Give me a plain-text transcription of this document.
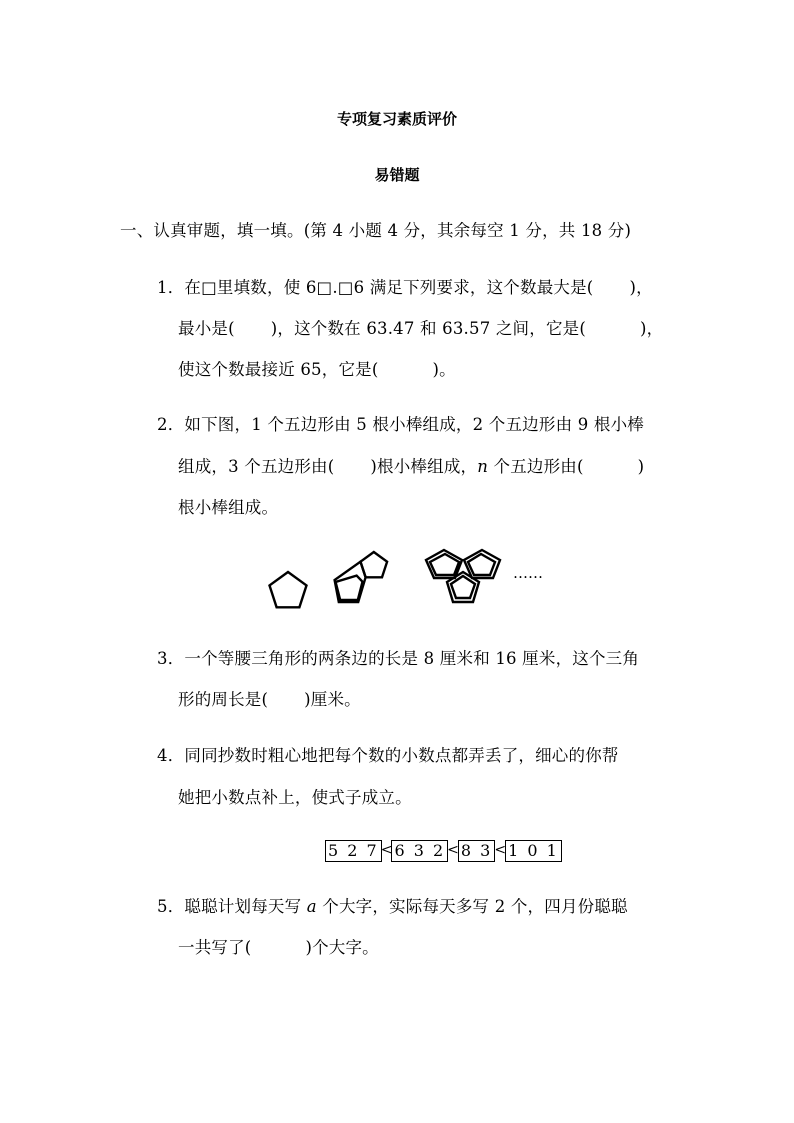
专项复习素质评价
易错题
一、认真审题，填一填。(第 4 小题 4 分，其余每空 1 分，共 18 分)
1．在□里填数，使 6□.□6 满足下列要求，这个数最大是( )，
最小是( )，这个数在 63.47 和 63.57 之间，它是(	)，
使这个数最接近 65，它是(	)。
2．如下图，1 个五边形由 5 根小棒组成，2 个五边形由 9 根小棒
组成，3 个五边形由( )根小棒组成，n 个五边形由(	)
根小棒组成。
……
3．一个等腰三角形的两条边的长是 8 厘米和 16 厘米，这个三角
形的周长是( )厘米。
4．同同抄数时粗心地把每个数的小数点都弄丢了，细心的你帮
她把小数点补上，使式子成立。
5 2 7 < 6 3 2 < 8 3 < 1 0 1
5．聪聪计划每天写 a 个大字，实际每天多写 2 个，四月份聪聪
一共写了(	)个大字。
